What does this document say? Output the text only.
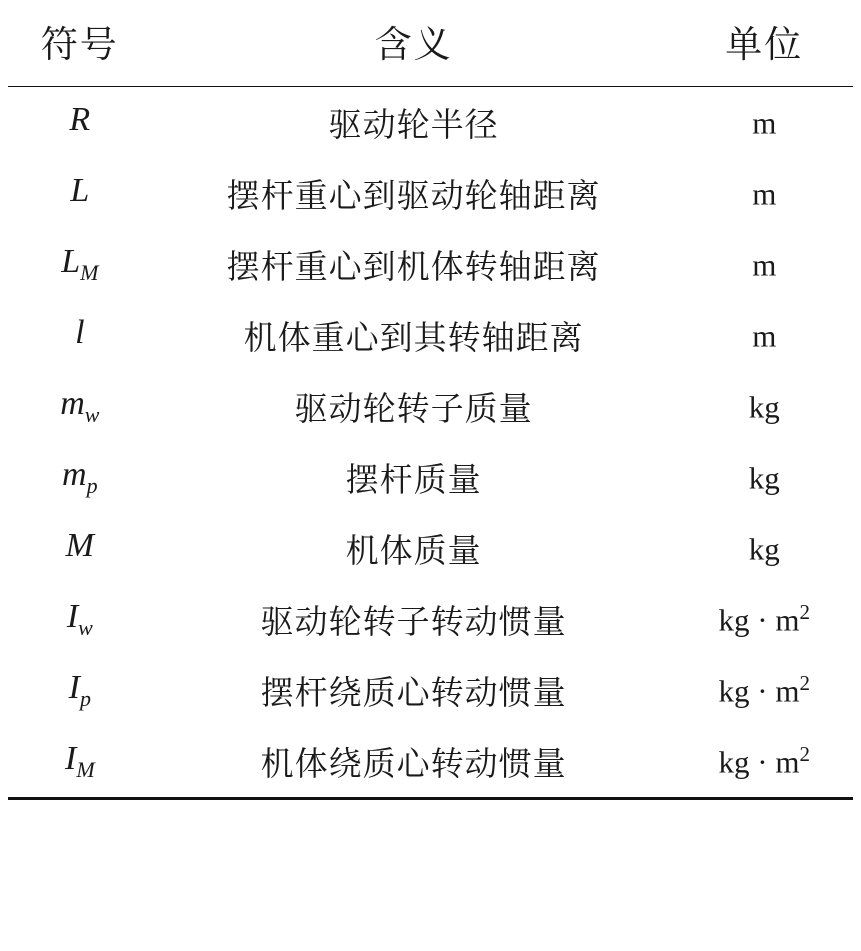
符号	含义	单位
R	驱动轮半径	m
L	摆杆重心到驱动轮轴距离	m
$L_M$	摆杆重心到机体转轴距离	m
l	机体重心到其转轴距离	m
$m_w$	驱动轮转子质量	kg
$m_p$	摆杆质量	kg
M	机体质量	kg
$I_w$	驱动轮转子转动惯量	kg · $m^2$
$I_p$	摆杆绕质心转动惯量	kg · $m^2$
$I_M$	机体绕质心转动惯量	kg · $m^2$
